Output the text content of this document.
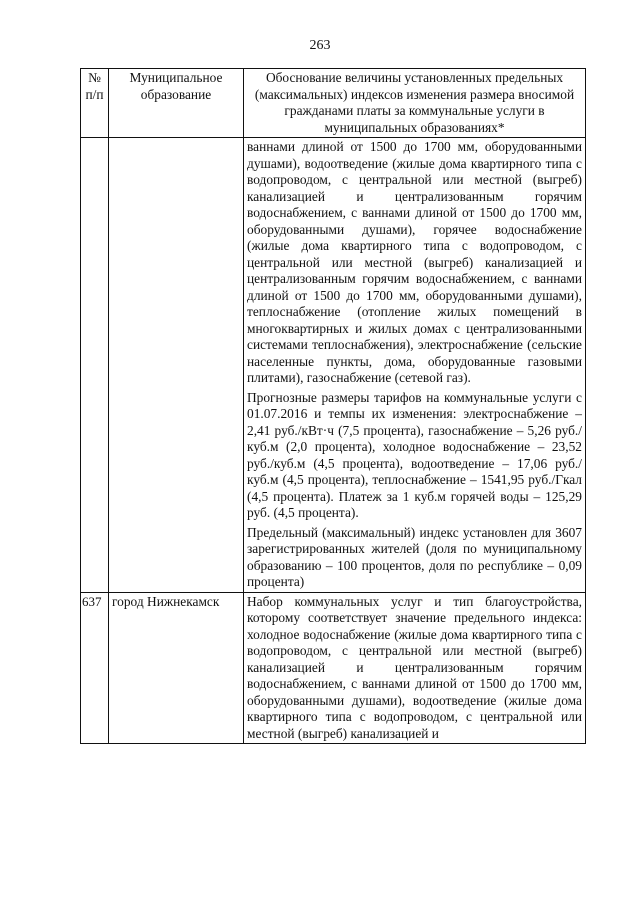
263
№ п/п	Муниципальное образование	Обоснование величины установленных предельных (максимальных) индексов изменения размера вносимой гражданами платы за коммунальные услуги в муниципальных образованиях*

		ваннами длиной от 1500 до 1700 мм, оборудованными душами), водоотведение (жилые дома квартирного типа с водопроводом, с центральной или местной (выгреб) канализацией и централизованным горячим водоснабжением, с ваннами длиной от 1500 до 1700 мм, оборудованными душами), горячее водоснабжение (жилые дома квартирного типа с водопроводом, с центральной или местной (выгреб) канализацией и централизованным горячим водоснабжением, с ваннами длиной от 1500 до 1700 мм, оборудованными душами), теплоснабжение (отопление жилых помещений в многоквартирных и жилых домах с централизованными системами теплоснабжения), электроснабжение (сельские населенные пункты, дома, оборудованные газовыми плитами), газоснабжение (сетевой газ).

Прогнозные размеры тарифов на коммунальные услуги с 01.07.2016 и темпы их изменения: электроснабжение – 2,41 руб./кВт·ч (7,5 процента), газоснабжение – 5,26 руб./куб.м (2,0 процента), холодное водоснабжение – 23,52 руб./куб.м (4,5 процента), водоотведение – 17,06 руб./куб.м (4,5 процента), теплоснабжение – 1541,95 руб./Гкал (4,5 процента). Платеж за 1 куб.м горячей воды – 125,29 руб. (4,5 процента).

Предельный (максимальный) индекс установлен для 3607 зарегистрированных жителей (доля по муниципальному образованию – 100 процентов, доля по республике – 0,09 процента)

637	город Нижнекамск	Набор коммунальных услуг и тип благоустройства, которому соответствует значение предельного индекса: холодное водоснабжение (жилые дома квартирного типа с водопроводом, с центральной или местной (выгреб) канализацией и централизованным горячим водоснабжением, с ваннами длиной от 1500 до 1700 мм, оборудованными душами), водоотведение (жилые дома квартирного типа с водопроводом, с центральной или местной (выгреб) канализацией и
